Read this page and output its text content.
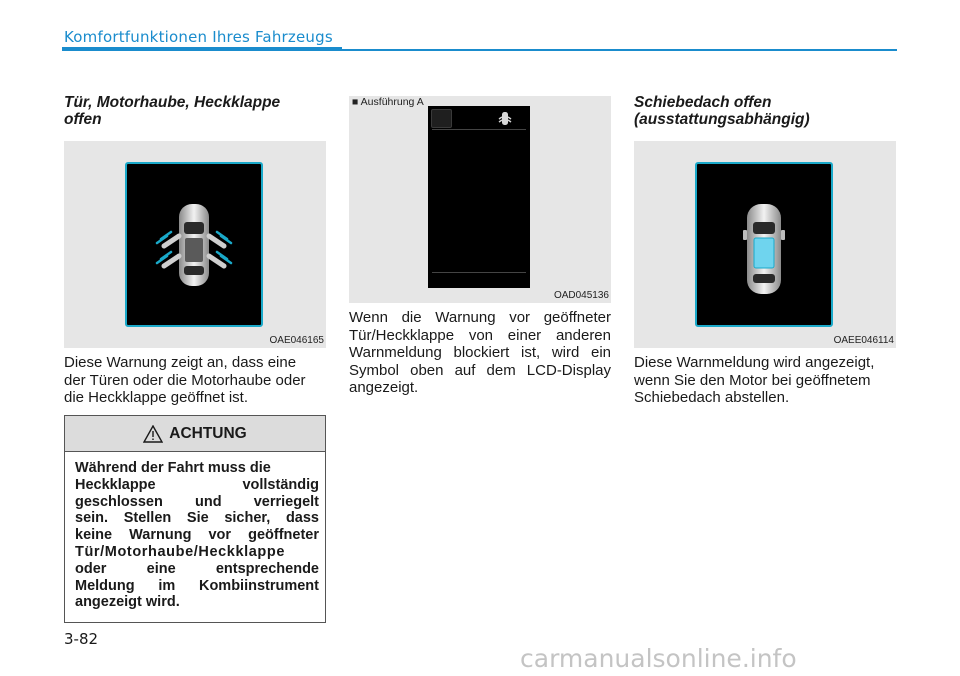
Komfortfunktionen Ihres Fahrzeugs
Tür, Motorhaube, Heckklappe
offen
OAE046165
Diese Warnung zeigt an, dass eine
der Türen oder die Motorhaube oder
die Heckklappe geöffnet ist.
ACHTUNG
Während der Fahrt muss die
Heckklappe vollständig
geschlossen und verriegelt
sein. Stellen Sie sicher, dass
keine Warnung vor geöffneter
Tür/Motorhaube/Heckklappe
oder eine entsprechende
Meldung im Kombiinstrument
angezeigt wird.
■ Ausführung A
OAD045136
Wenn die Warnung vor geöffneter
Tür/Heckklappe von einer anderen
Warnmeldung blockiert ist, wird ein
Symbol oben auf dem LCD-Display
angezeigt.
Schiebedach offen
(ausstattungsabhängig)
OAEE046114
Diese Warnmeldung wird angezeigt,
wenn Sie den Motor bei geöffnetem
Schiebedach abstellen.
3-82
carmanualsonline.info
